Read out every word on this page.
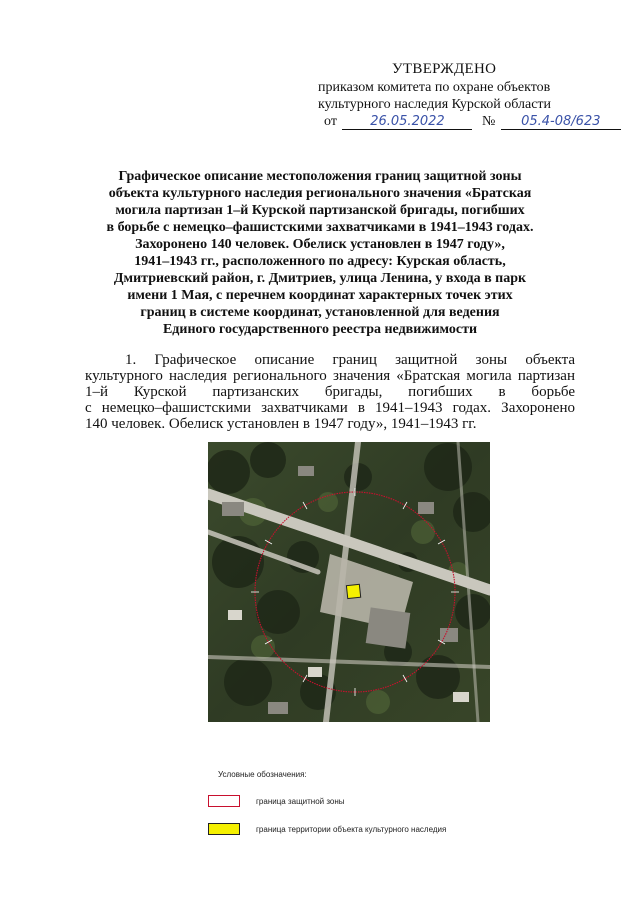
УТВЕРЖДЕНО
приказом комитета по охране объектов
культурного наследия Курской области
от	26.05.2022	№ 05.4-08/623
Графическое описание местоположения границ защитной зоны
объекта культурного наследия регионального значения «Братская
могила партизан 1–й Курской партизанской бригады, погибших
в борьбе с немецко–фашистскими захватчиками в 1941–1943 годах.
Захоронено 140 человек. Обелиск установлен в 1947 году»,
1941–1943 гг., расположенного по адресу: Курская область,
Дмитриевский район, г. Дмитриев, улица Ленина, у входа в парк
имени 1 Мая, с перечнем координат характерных точек этих
границ в системе координат, установленной для ведения
Единого государственного реестра недвижимости
1. Графическое описание границ защитной зоны объекта
культурного наследия регионального значения «Братская могила партизан
1–й Курской партизанских бригады, погибших в борьбе
с немецко–фашистскими захватчиками в 1941–1943 годах. Захоронено
140 человек. Обелиск установлен в 1947 году», 1941–1943 гг.
Условные обозначения:
граница защитной зоны
граница территории объекта культурного наследия
